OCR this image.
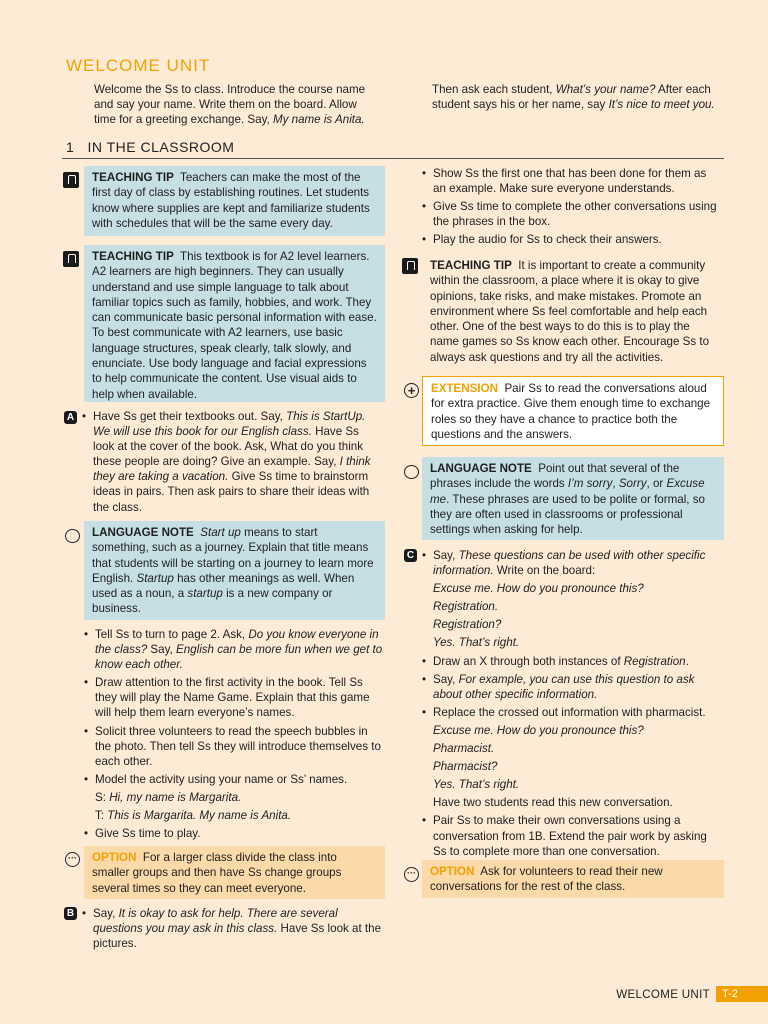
WELCOME UNIT
Welcome the Ss to class. Introduce the course name
and say your name. Write them on the board. Allow
time for a greeting exchange. Say, My name is Anita.
Then ask each student, What’s your name? After each
student says his or her name, say It’s nice to meet you.
1 IN THE CLASSROOM
TEACHING TIP Teachers can make the most of the first day of class by establishing routines. Let students know where supplies are kept and familiarize students with schedules that will be the same every day.
TEACHING TIP This textbook is for A2 level learners. A2 learners are high beginners. They can usually understand and use simple language to talk about familiar topics such as family, hobbies, and work. They can communicate basic personal information with ease. To best communicate with A2 learners, use basic language structures, speak clearly, talk slowly, and enunciate. Use body language and facial expressions to help communicate the content. Use visual aids to help when available.
A	• Have Ss get their textbooks out. Say, This is StartUp. We will use this book for our English class. Have Ss look at the cover of the book. Ask, What do you think these people are doing? Give an example. Say, I think they are taking a vacation. Give Ss time to brainstorm ideas in pairs. Then ask pairs to share their ideas with the class.
LANGUAGE NOTE Start up means to start something, such as a journey. Explain that title means that students will be starting on a journey to learn more English. Startup has other meanings as well. When used as a noun, a startup is a new company or business.
• Tell Ss to turn to page 2. Ask, Do you know everyone in the class? Say, English can be more fun when we get to know each other.
• Draw attention to the first activity in the book. Tell Ss they will play the Name Game. Explain that this game will help them learn everyone’s names.
• Solicit three volunteers to read the speech bubbles in the photo. Then tell Ss they will introduce themselves to each other.
• Model the activity using your name or Ss’ names.
S: Hi, my name is Margarita.
T: This is Margarita. My name is Anita.
• Give Ss time to play.
···	OPTION For a larger class divide the class into smaller groups and then have Ss change groups several times so they can meet everyone.
B	• Say, It is okay to ask for help. There are several questions you may ask in this class. Have Ss look at the pictures.
• Show Ss the first one that has been done for them as an example. Make sure everyone understands.
• Give Ss time to complete the other conversations using the phrases in the box.
• Play the audio for Ss to check their answers.
TEACHING TIP It is important to create a community within the classroom, a place where it is okay to give opinions, take risks, and make mistakes. Promote an environment where Ss feel comfortable and help each other. One of the best ways to do this is to play the name games so Ss know each other. Encourage Ss to always ask questions and try all the activities.
+	EXTENSION Pair Ss to read the conversations aloud for extra practice. Give them enough time to exchange roles so they have a chance to practice both the questions and the answers.
LANGUAGE NOTE Point out that several of the phrases include the words I’m sorry, Sorry, or Excuse me. These phrases are used to be polite or formal, so they are often used in classrooms or professional settings when asking for help.
C	• Say, These questions can be used with other specific information. Write on the board:
Excuse me. How do you pronounce this?
Registration.
Registration?
Yes. That’s right.
• Draw an X through both instances of Registration.
• Say, For example, you can use this question to ask about other specific information.
• Replace the crossed out information with pharmacist.
Excuse me. How do you pronounce this?
Pharmacist.
Pharmacist?
Yes. That’s right.
Have two students read this new conversation.
• Pair Ss to make their own conversations using a conversation from 1B. Extend the pair work by asking Ss to complete more than one conversation.
···	OPTION Ask for volunteers to read their new conversations for the rest of the class.
WELCOME UNIT	T-2
